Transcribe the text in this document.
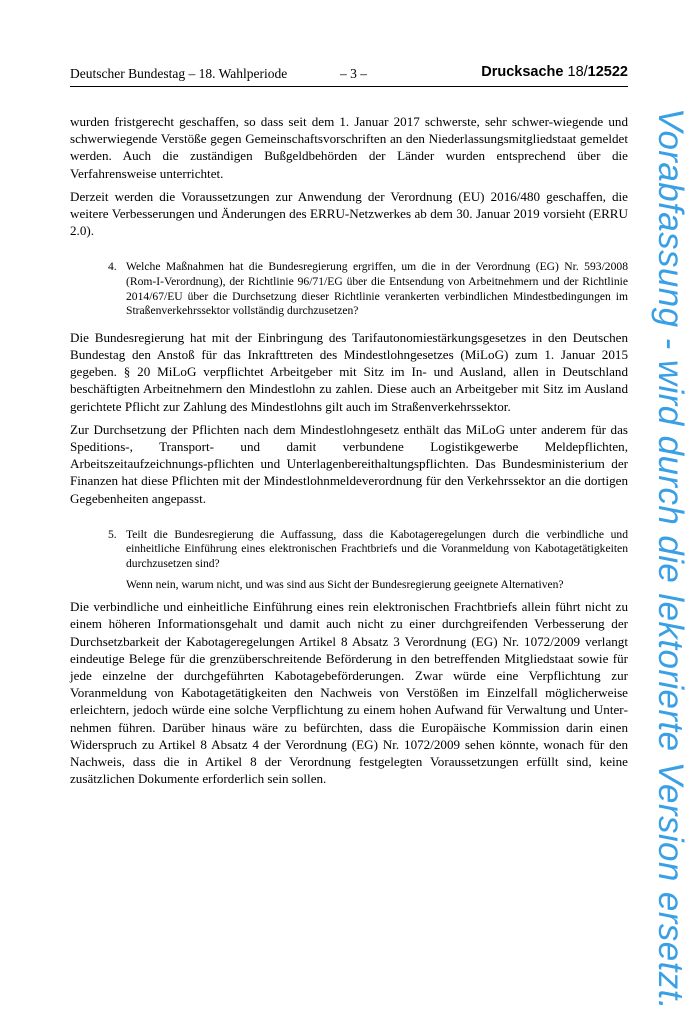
Deutscher Bundestag – 18. Wahlperiode	– 3 –	Drucksache 18/12522

wurden fristgerecht geschaffen, so dass seit dem 1. Januar 2017 schwerste, sehr schwer-wiegende und schwerwiegende Verstöße gegen Gemeinschaftsvorschriften an den Niederlassungsmitgliedstaat gemeldet werden. Auch die zuständigen Bußgeldbehörden der Länder wurden entsprechend über die Verfahrensweise unterrichtet.

Derzeit werden die Voraussetzungen zur Anwendung der Verordnung (EU) 2016/480 geschaffen, die weitere Verbesserungen und Änderungen des ERRU-Netzwerkes ab dem 30. Januar 2019 vorsieht (ERRU 2.0).

4. Welche Maßnahmen hat die Bundesregierung ergriffen, um die in der Verordnung (EG) Nr. 593/2008 (Rom-I-Verordnung), der Richtlinie 96/71/EG über die Entsendung von Arbeitnehmern und der Richtlinie 2014/67/EU über die Durchsetzung dieser Richtlinie verankerten verbindlichen Mindestbedingungen im Straßenverkehrssektor vollständig durchzusetzen?

Die Bundesregierung hat mit der Einbringung des Tarifautonomiestärkungsgesetzes in den Deutschen Bundestag den Anstoß für das Inkrafttreten des Mindestlohngesetzes (MiLoG) zum 1. Januar 2015 gegeben. § 20 MiLoG verpflichtet Arbeitgeber mit Sitz im In- und Ausland, allen in Deutschland beschäftigten Arbeitnehmern den Mindestlohn zu zahlen. Diese auch an Arbeitgeber mit Sitz im Ausland gerichtete Pflicht zur Zahlung des Mindestlohns gilt auch im Straßenverkehrssektor.

Zur Durchsetzung der Pflichten nach dem Mindestlohngesetz enthält das MiLoG unter anderem für das Speditions-, Transport- und damit verbundene Logistikgewerbe Meldepflichten, Arbeitszeitaufzeichnungs-pflichten und Unterlagenbereithaltungspflichten. Das Bundesministerium der Finanzen hat diese Pflichten mit der Mindestlohnmeldeverordnung für den Verkehrssektor an die dortigen Gegebenheiten angepasst.

5. Teilt die Bundesregierung die Auffassung, dass die Kabotageregelungen durch die verbindliche und einheitliche Einführung eines elektronischen Frachtbriefs und die Voranmeldung von Kabotagetätigkeiten durchzusetzen sind?

Wenn nein, warum nicht, und was sind aus Sicht der Bundesregierung geeignete Alternativen?

Die verbindliche und einheitliche Einführung eines rein elektronischen Frachtbriefs allein führt nicht zu einem höheren Informationsgehalt und damit auch nicht zu einer durchgreifenden Verbesserung der Durchsetzbarkeit der Kabotageregelungen Artikel 8 Absatz 3 Verordnung (EG) Nr. 1072/2009 verlangt eindeutige Belege für die grenzüberschreitende Beförderung in den betreffenden Mitgliedstaat sowie für jede einzelne der durchgeführten Kabotagebeförderungen. Zwar würde eine Verpflichtung zur Voranmeldung von Kabotagetätigkeiten den Nachweis von Verstößen im Einzelfall möglicherweise erleichtern, jedoch würde eine solche Verpflichtung zu einem hohen Aufwand für Verwaltung und Unternehmen führen. Darüber hinaus wäre zu befürchten, dass die Europäische Kommission darin einen Widerspruch zu Artikel 8 Absatz 4 der Verordnung (EG) Nr. 1072/2009 sehen könnte, wonach für den Nachweis, dass die in Artikel 8 der Verordnung festgelegten Voraussetzungen erfüllt sind, keine zusätzlichen Dokumente erforderlich sein sollen.	Vorabfassung - wird durch die lektorierte Version ersetzt.
